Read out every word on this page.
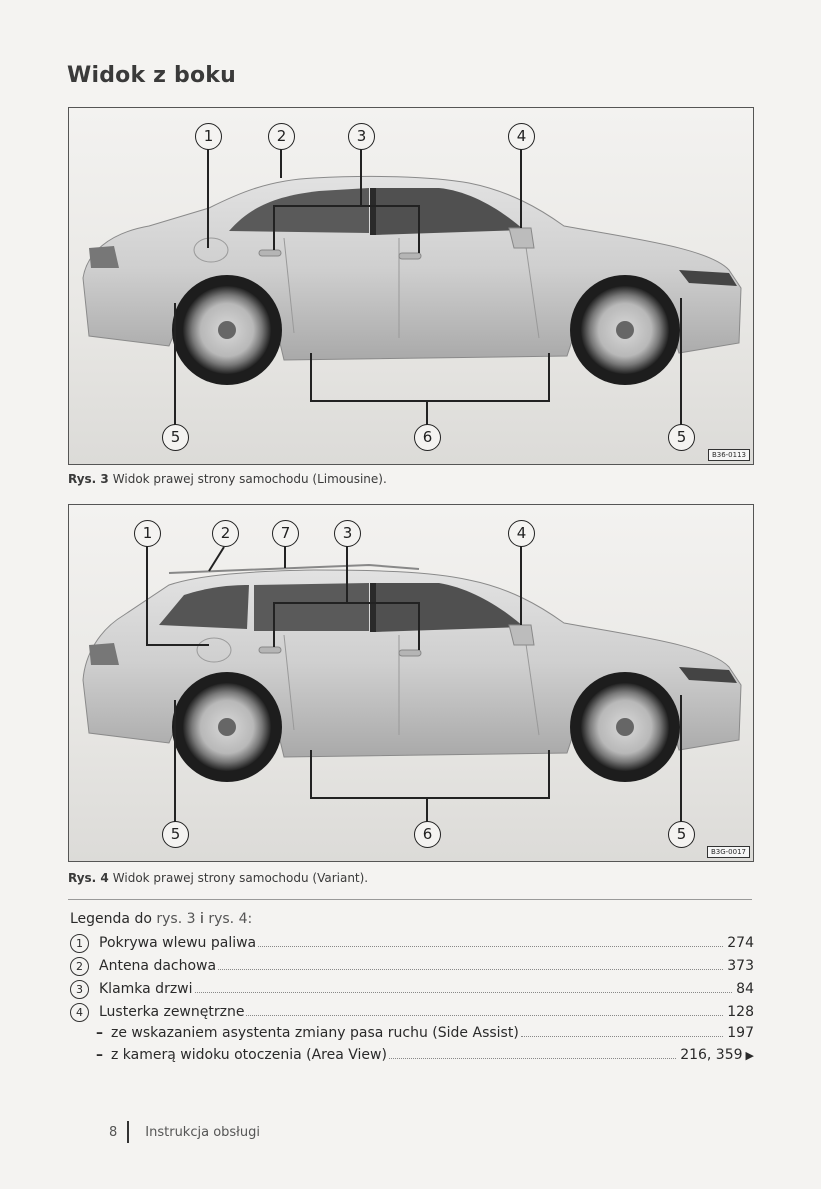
Widok z boku
1	2	3	4
5	6	5
B36-0113
Rys. 3 Widok prawej strony samochodu (Limousine).
1	2	7	3	4
5	6	5
B3G-0017
Rys. 4 Widok prawej strony samochodu (Variant).
Legenda do rys. 3 i rys. 4:
1	Pokrywa wlewu paliwa	274
2	Antena dachowa	373
3	Klamka drzwi	84
4	Lusterka zewnętrzne	128
– ze wskazaniem asystenta zmiany pasa ruchu (Side Assist)	197
– z kamerą widoku otoczenia (Area View)	216, 359 ▶
8 Instrukcja obsługi
